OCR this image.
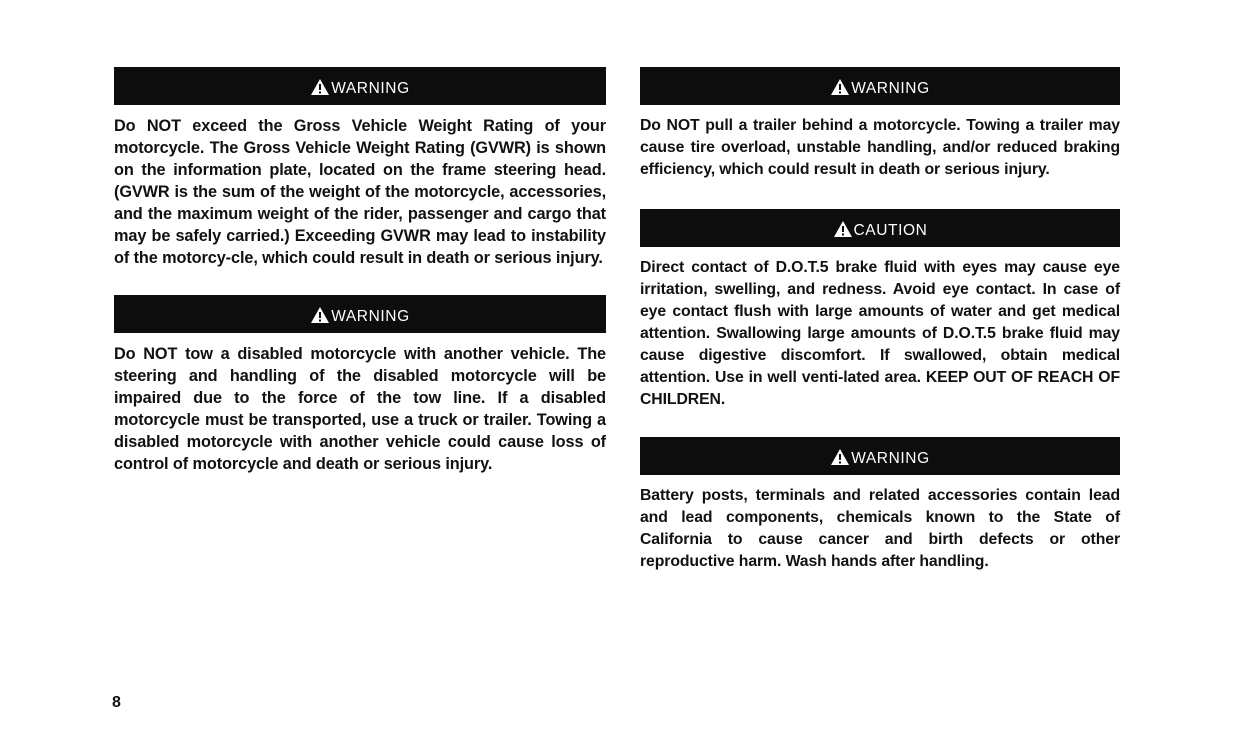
WARNING

Do NOT exceed the Gross Vehicle Weight Rating of your motorcycle. The Gross Vehicle Weight Rating (GVWR) is shown on the information plate, located on the frame steering head. (GVWR is the sum of the weight of the motorcycle, accessories, and the maximum weight of the rider, passenger and cargo that may be safely carried.) Exceeding GVWR may lead to instability of the motorcy-cle, which could result in death or serious injury.

WARNING

Do NOT tow a disabled motorcycle with another vehicle. The steering and handling of the disabled motorcycle will be impaired due to the force of the tow line. If a disabled motorcycle must be transported, use a truck or trailer. Towing a disabled motorcycle with another vehicle could cause loss of control of motorcycle and death or serious injury.

WARNING

Do NOT pull a trailer behind a motorcycle. Towing a trailer may cause tire overload, unstable handling, and/or reduced braking efficiency, which could result in death or serious injury.

CAUTION

Direct contact of D.O.T.5 brake fluid with eyes may cause eye irritation, swelling, and redness. Avoid eye contact. In case of eye contact flush with large amounts of water and get medical attention. Swallowing large amounts of D.O.T.5 brake fluid may cause digestive discomfort. If swallowed, obtain medical attention. Use in well venti-lated area. KEEP OUT OF REACH OF CHILDREN.

WARNING

Battery posts, terminals and related accessories contain lead and lead components, chemicals known to the State of California to cause cancer and birth defects or other reproductive harm. Wash hands after handling.

8
